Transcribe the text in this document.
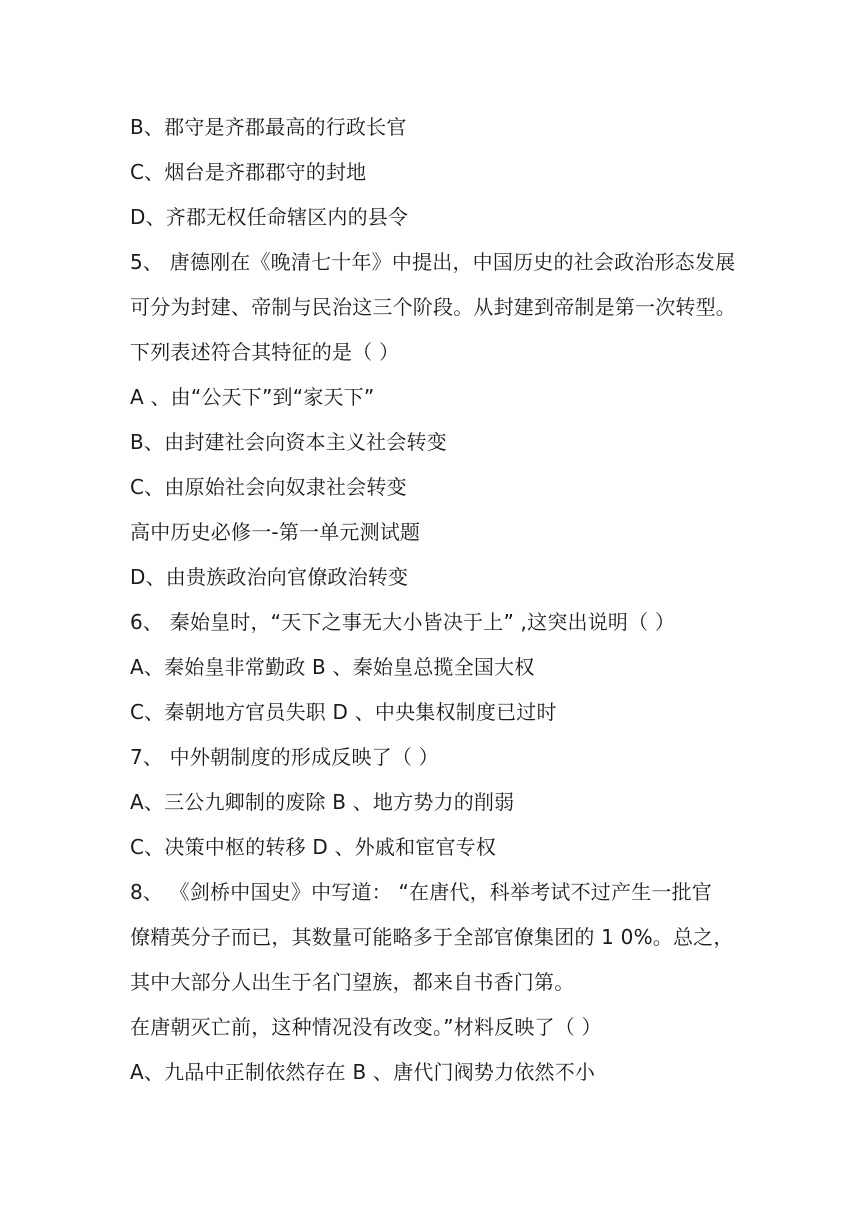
B、郡守是齐郡最高的行政长官
C、烟台是齐郡郡守的封地
D、齐郡无权任命辖区内的县令
5、 唐德刚在《晚清七十年》中提出，中国历史的社会政治形态发展
可分为封建、帝制与民治这三个阶段。从封建到帝制是第一次转型。
下列表述符合其特征的是（ ）
A 、由“公天下”到“家天下”
B、由封建社会向资本主义社会转变
C、由原始社会向奴隶社会转变
高中历史必修一-第一单元测试题
D、由贵族政治向官僚政治转变
6、 秦始皇时，“天下之事无大小皆决于上” ,这突出说明（ ）
A、秦始皇非常勤政 B 、秦始皇总揽全国大权
C、秦朝地方官员失职 D 、中央集权制度已过时
7、 中外朝制度的形成反映了（ ）
A、三公九卿制的废除 B 、地方势力的削弱
C、决策中枢的转移 D 、外戚和宦官专权
8、 《剑桥中国史》中写道： “在唐代，科举考试不过产生一批官
僚精英分子而已，其数量可能略多于全部官僚集团的 1 0%。总之，
其中大部分人出生于名门望族，都来自书香门第。
在唐朝灭亡前，这种情况没有改变。”材料反映了（ ）
A、九品中正制依然存在 B 、唐代门阀势力依然不小
